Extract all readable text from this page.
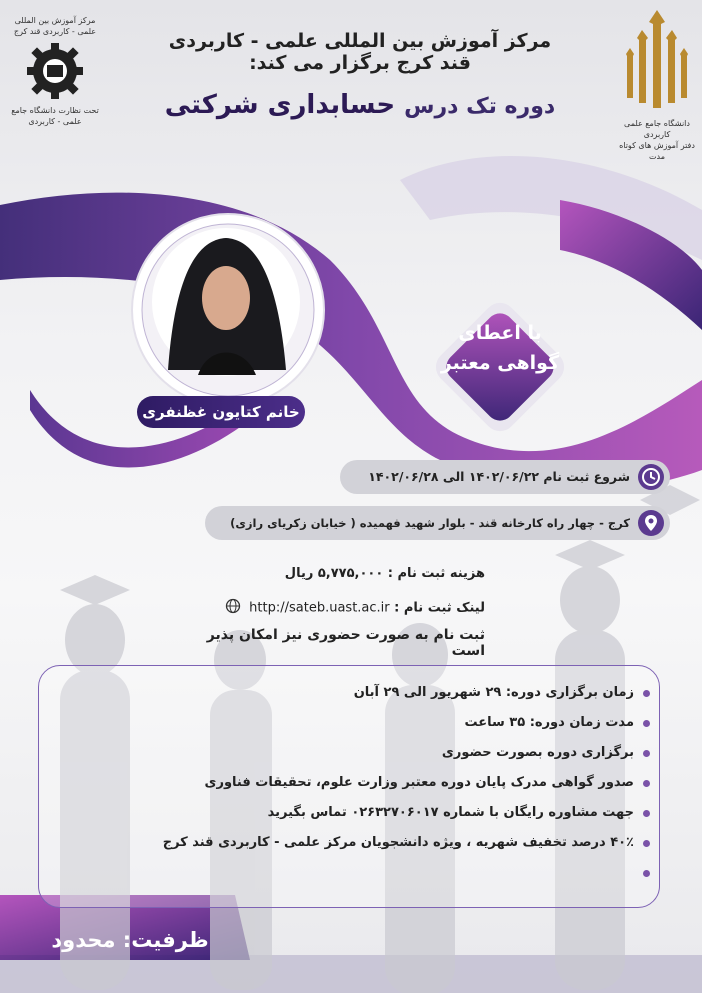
دانشگاه جامع علمی کاربردی
دفتر آموزش های کوتاه مدت
مرکز آموزش بین المللی علمی - کاربردی قند کرج
تحت نظارت دانشگاه جامع علمی - کاربردی
مرکز آموزش بین المللی علمی - کاربردی قند کرج برگزار می کند:
دوره تک درس حسابداری شرکتی
خانم کتایون غظنفری
با اعطای
گواهی معتبر
شروع ثبت نام ۱۴۰۲/۰۶/۲۲ الی ۱۴۰۲/۰۶/۲۸
کرج - چهار راه کارخانه قند - بلوار شهید فهمیده ( خیابان زکریای رازی)
هزینه ثبت نام : ۵,۷۷۵,۰۰۰ ریال
لینک ثبت نام : http://sateb.uast.ac.ir
ثبت نام به صورت حضوری نیز امکان پذیر است
زمان برگزاری دوره: ۲۹ شهریور الی ۲۹ آبان
مدت زمان دوره: ۳۵ ساعت
برگزاری دوره بصورت حضوری
صدور گواهی مدرک پایان دوره معتبر وزارت علوم، تحقیقات فناوری
جهت مشاوره رایگان با شماره ۰۲۶۳۲۷۰۶۰۱۷ تماس بگیرید
۴۰٪ درصد تخفیف شهریه ، ویژه دانشجویان مرکز علمی - کاربردی قند کرج
ظرفیت: محدود
